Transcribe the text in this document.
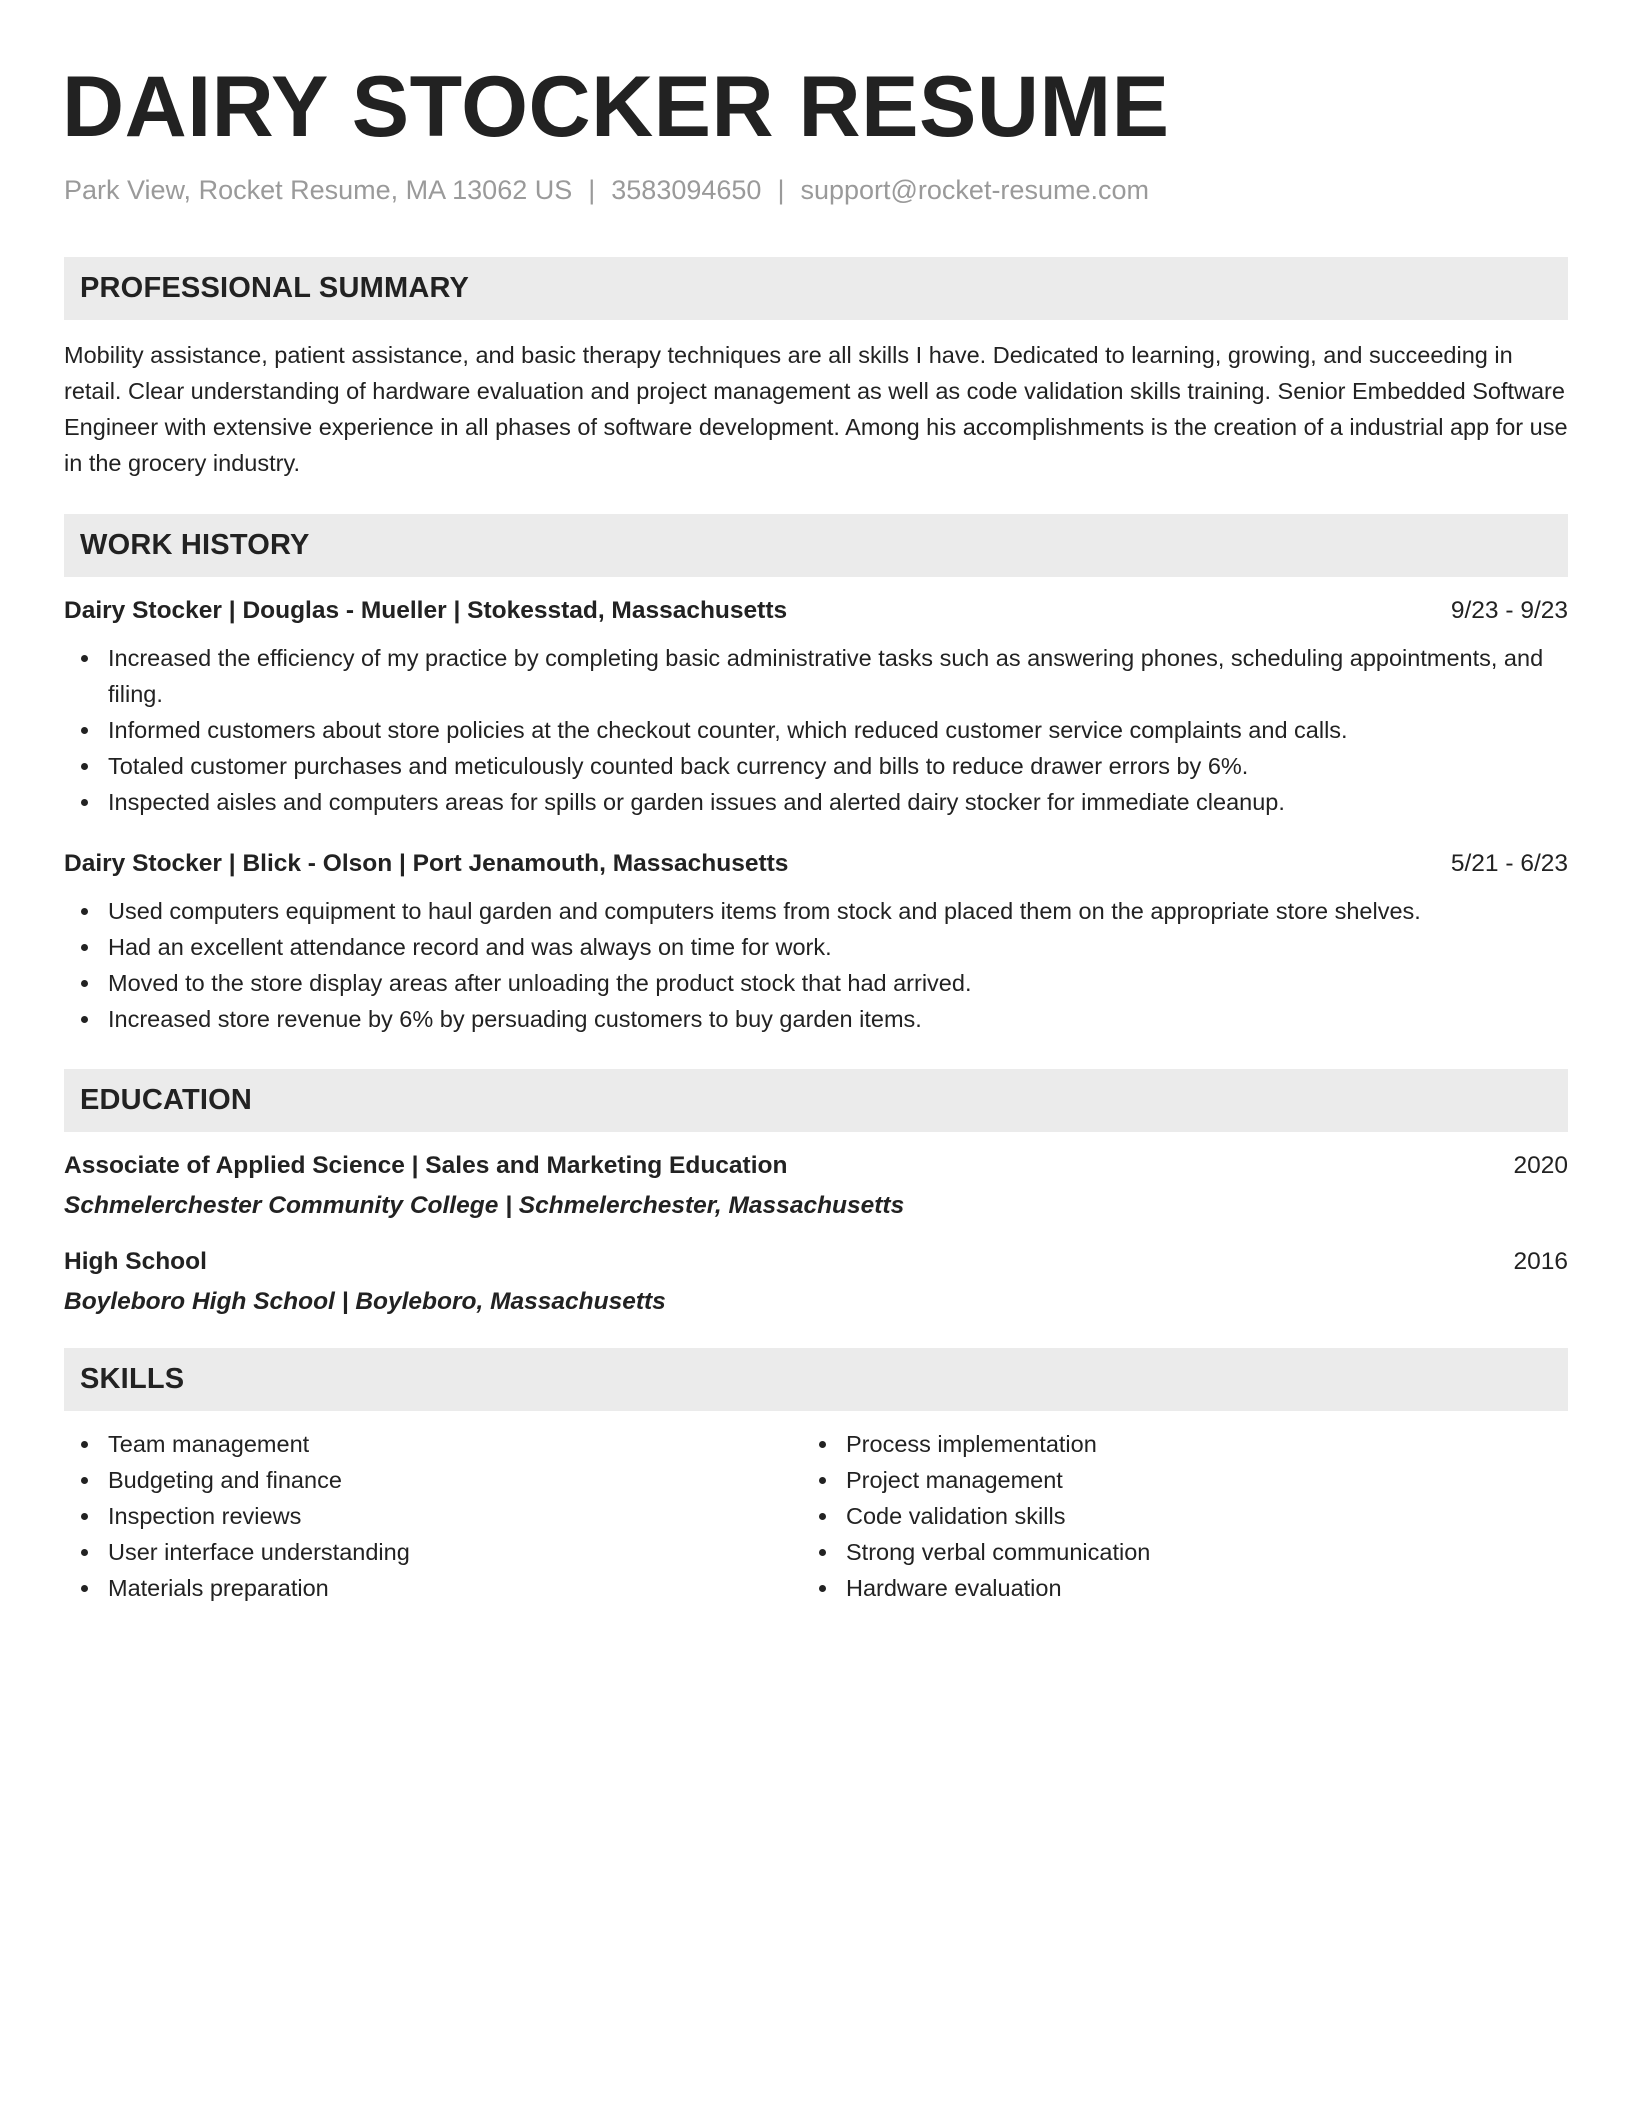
DAIRY STOCKER RESUME
Park View, Rocket Resume, MA 13062 US | 3583094650 | support@rocket-resume.com
PROFESSIONAL SUMMARY

Mobility assistance, patient assistance, and basic therapy techniques are all skills I have. Dedicated to learning, growing, and succeeding in retail. Clear understanding of hardware evaluation and project management as well as code validation skills training. Senior Embedded Software Engineer with extensive experience in all phases of software development. Among his accomplishments is the creation of a industrial app for use in the grocery industry.

WORK HISTORY
Dairy Stocker | Douglas - Mueller | Stokesstad, Massachusetts	9/23 - 9/23
Increased the efficiency of my practice by completing basic administrative tasks such as answering phones, scheduling appointments, and filing.
Informed customers about store policies at the checkout counter, which reduced customer service complaints and calls.
Totaled customer purchases and meticulously counted back currency and bills to reduce drawer errors by 6%.
Inspected aisles and computers areas for spills or garden issues and alerted dairy stocker for immediate cleanup.
Dairy Stocker | Blick - Olson | Port Jenamouth, Massachusetts	5/21 - 6/23
Used computers equipment to haul garden and computers items from stock and placed them on the appropriate store shelves.
Had an excellent attendance record and was always on time for work.
Moved to the store display areas after unloading the product stock that had arrived.
Increased store revenue by 6% by persuading customers to buy garden items.
EDUCATION
Associate of Applied Science | Sales and Marketing Education	2020
Schmelerchester Community College | Schmelerchester, Massachusetts
High School	2016
Boyleboro High School | Boyleboro, Massachusetts
SKILLS
Team management
Budgeting and finance
Inspection reviews
User interface understanding
Materials preparation
Process implementation
Project management
Code validation skills
Strong verbal communication
Hardware evaluation
